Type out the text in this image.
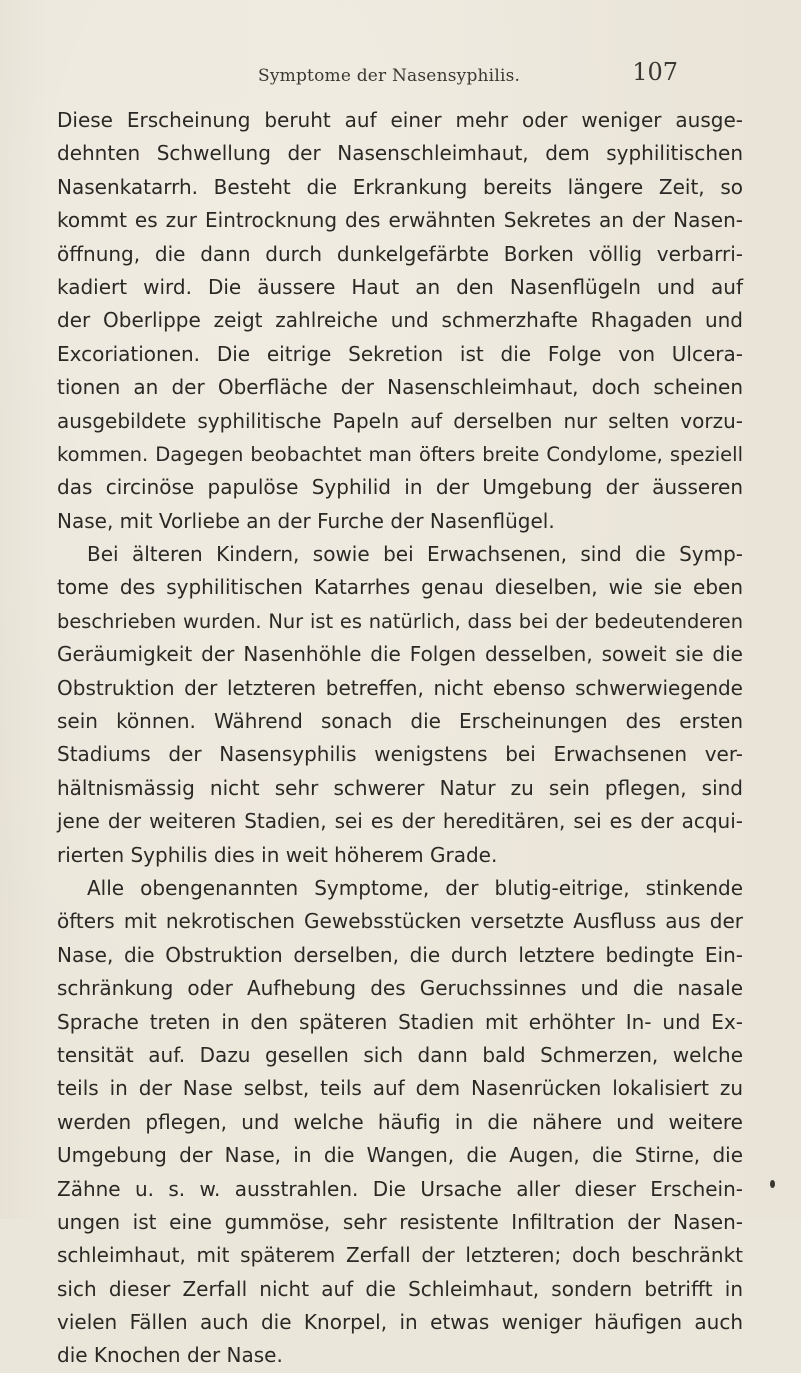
Symptome der Nasensyphilis.	107
Diese Erscheinung beruht auf einer mehr oder weniger ausge-
dehnten Schwellung der Nasenschleimhaut, dem syphilitischen
Nasenkatarrh. Besteht die Erkrankung bereits längere Zeit, so
kommt es zur Eintrocknung des erwähnten Sekretes an der Nasen-
öffnung, die dann durch dunkelgefärbte Borken völlig verbarri-
kadiert wird. Die äussere Haut an den Nasenflügeln und auf
der Oberlippe zeigt zahlreiche und schmerzhafte Rhagaden und
Excoriationen. Die eitrige Sekretion ist die Folge von Ulcera-
tionen an der Oberfläche der Nasenschleimhaut, doch scheinen
ausgebildete syphilitische Papeln auf derselben nur selten vorzu-
kommen. Dagegen beobachtet man öfters breite Condylome, speziell
das circinöse papulöse Syphilid in der Umgebung der äusseren
Nase, mit Vorliebe an der Furche der Nasenflügel.
Bei älteren Kindern, sowie bei Erwachsenen, sind die Symp-
tome des syphilitischen Katarrhes genau dieselben, wie sie eben
beschrieben wurden. Nur ist es natürlich, dass bei der bedeutenderen
Geräumigkeit der Nasenhöhle die Folgen desselben, soweit sie die
Obstruktion der letzteren betreffen, nicht ebenso schwerwiegende
sein können. Während sonach die Erscheinungen des ersten
Stadiums der Nasensyphilis wenigstens bei Erwachsenen ver-
hältnismässig nicht sehr schwerer Natur zu sein pflegen, sind
jene der weiteren Stadien, sei es der hereditären, sei es der acqui-
rierten Syphilis dies in weit höherem Grade.
Alle obengenannten Symptome, der blutig-eitrige, stinkende
öfters mit nekrotischen Gewebsstücken versetzte Ausfluss aus der
Nase, die Obstruktion derselben, die durch letztere bedingte Ein-
schränkung oder Aufhebung des Geruchssinnes und die nasale
Sprache treten in den späteren Stadien mit erhöhter In- und Ex-
tensität auf. Dazu gesellen sich dann bald Schmerzen, welche
teils in der Nase selbst, teils auf dem Nasenrücken lokalisiert zu
werden pflegen, und welche häufig in die nähere und weitere
Umgebung der Nase, in die Wangen, die Augen, die Stirne, die
Zähne u. s. w. ausstrahlen. Die Ursache aller dieser Erschein-
ungen ist eine gummöse, sehr resistente Infiltration der Nasen-
schleimhaut, mit späterem Zerfall der letzteren; doch beschränkt
sich dieser Zerfall nicht auf die Schleimhaut, sondern betrifft in
vielen Fällen auch die Knorpel, in etwas weniger häufigen auch
die Knochen der Nase.
